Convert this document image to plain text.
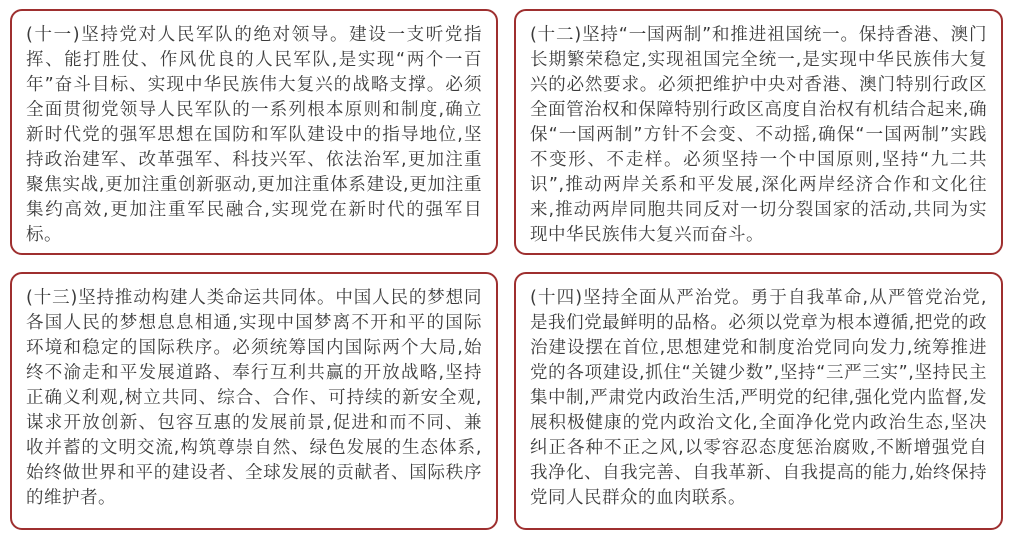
(十一)坚持党对人民军队的绝对领导。建设一支听党指挥、能打胜仗、作风优良的人民军队,是实现“两个一百年”奋斗目标、实现中华民族伟大复兴的战略支撑。必须全面贯彻党领导人民军队的一系列根本原则和制度,确立新时代党的强军思想在国防和军队建设中的指导地位,坚持政治建军、改革强军、科技兴军、依法治军,更加注重聚焦实战,更加注重创新驱动,更加注重体系建设,更加注重集约高效,更加注重军民融合,实现党在新时代的强军目标。

(十二)坚持“一国两制”和推进祖国统一。保持香港、澳门长期繁荣稳定,实现祖国完全统一,是实现中华民族伟大复兴的必然要求。必须把维护中央对香港、澳门特别行政区全面管治权和保障特别行政区高度自治权有机结合起来,确保“一国两制”方针不会变、不动摇,确保“一国两制”实践不变形、不走样。必须坚持一个中国原则,坚持“九二共识”,推动两岸关系和平发展,深化两岸经济合作和文化往来,推动两岸同胞共同反对一切分裂国家的活动,共同为实现中华民族伟大复兴而奋斗。

(十三)坚持推动构建人类命运共同体。中国人民的梦想同各国人民的梦想息息相通,实现中国梦离不开和平的国际环境和稳定的国际秩序。必须统筹国内国际两个大局,始终不渝走和平发展道路、奉行互利共赢的开放战略,坚持正确义利观,树立共同、综合、合作、可持续的新安全观,谋求开放创新、包容互惠的发展前景,促进和而不同、兼收并蓄的文明交流,构筑尊崇自然、绿色发展的生态体系,始终做世界和平的建设者、全球发展的贡献者、国际秩序的维护者。

(十四)坚持全面从严治党。勇于自我革命,从严管党治党,是我们党最鲜明的品格。必须以党章为根本遵循,把党的政治建设摆在首位,思想建党和制度治党同向发力,统筹推进党的各项建设,抓住“关键少数”,坚持“三严三实”,坚持民主集中制,严肃党内政治生活,严明党的纪律,强化党内监督,发展积极健康的党内政治文化,全面净化党内政治生态,坚决纠正各种不正之风,以零容忍态度惩治腐败,不断增强党自我净化、自我完善、自我革新、自我提高的能力,始终保持党同人民群众的血肉联系。
